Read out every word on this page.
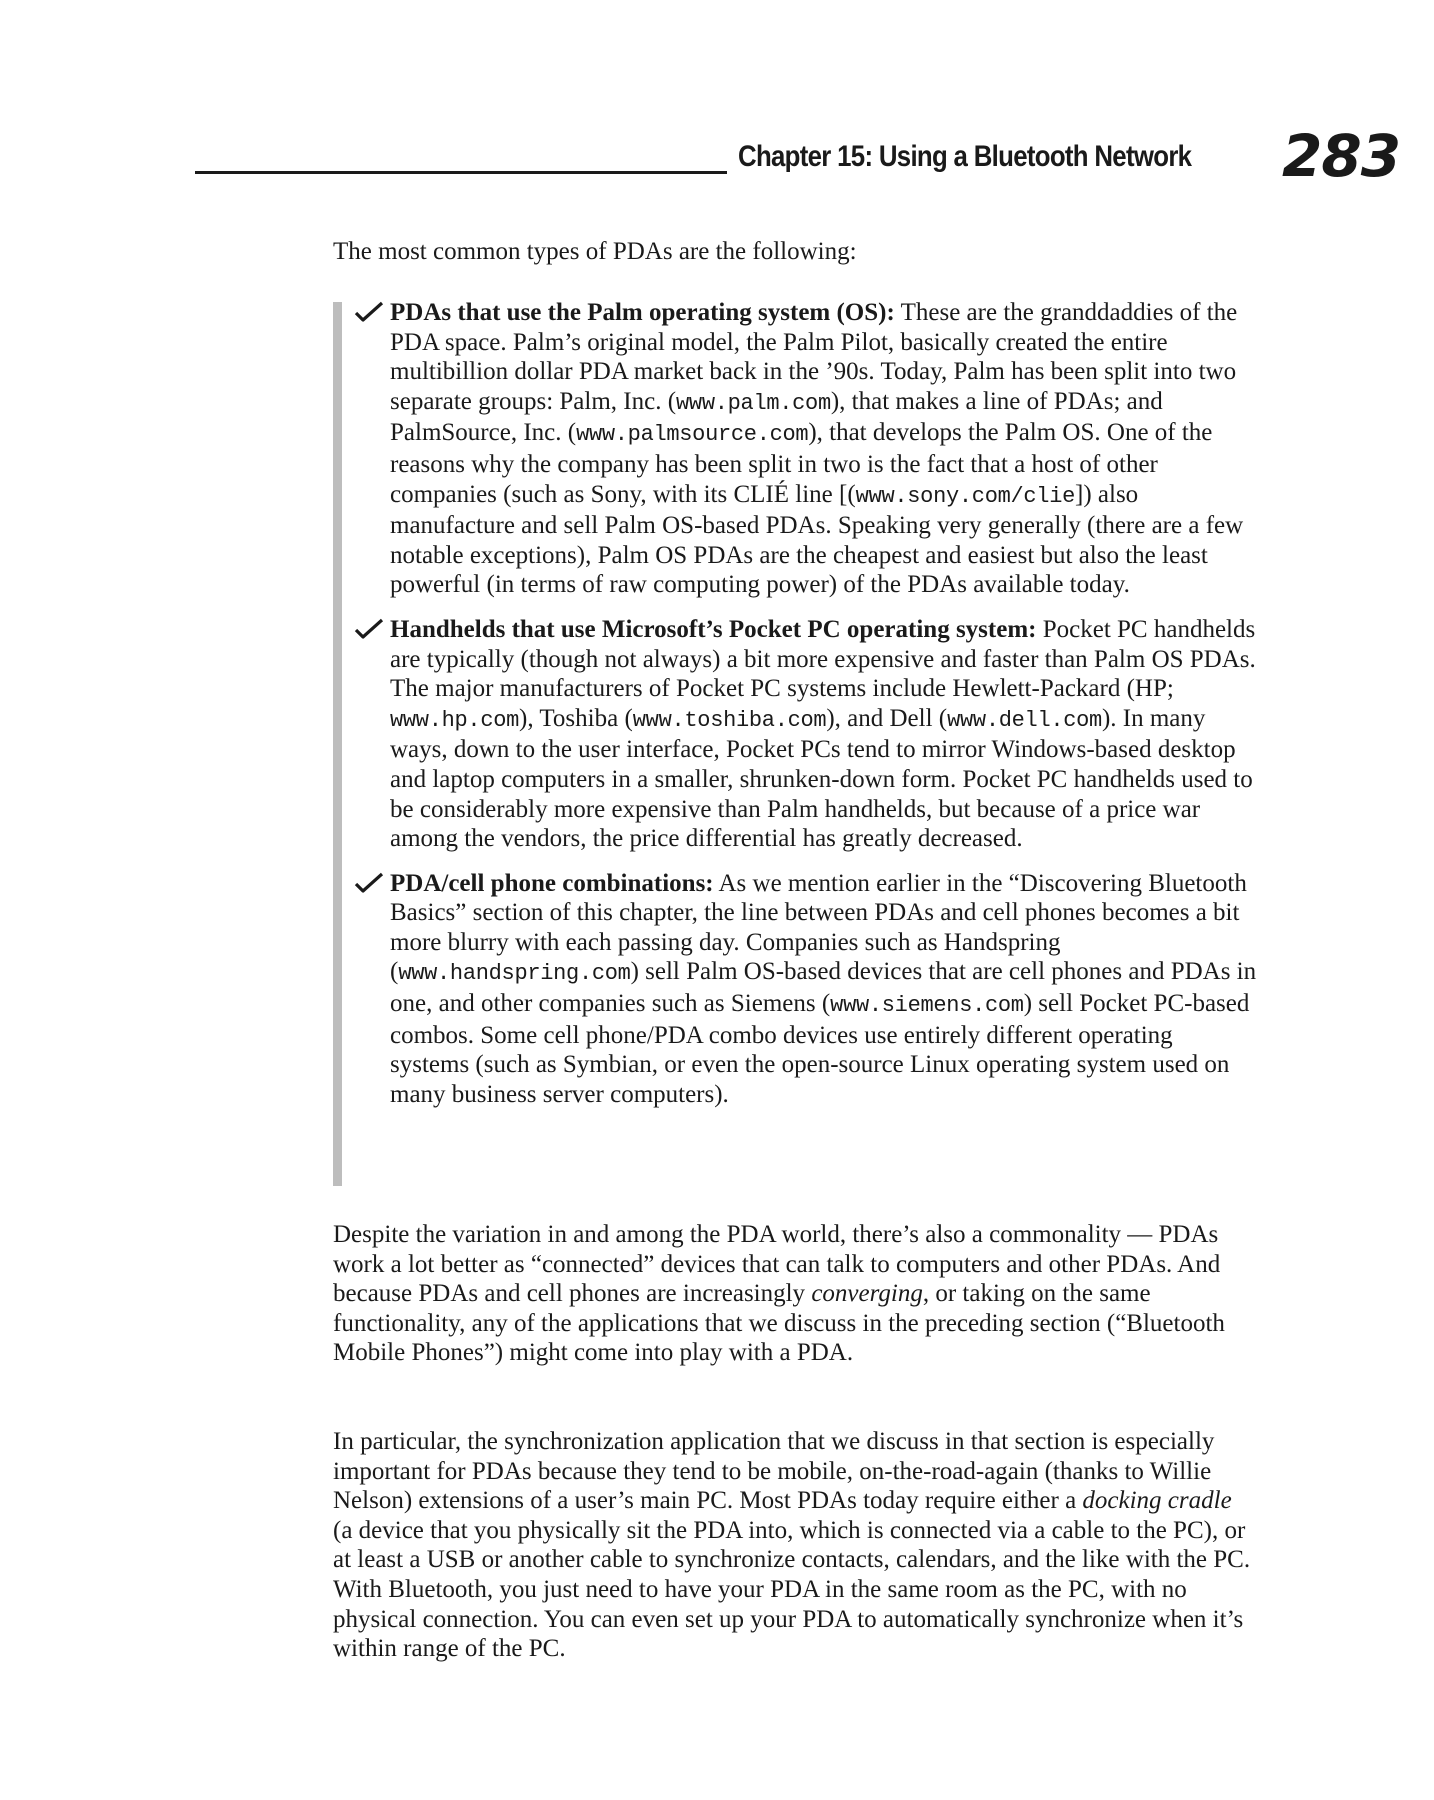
Chapter 15: Using a Bluetooth Network 283

The most common types of PDAs are the following:

PDAs that use the Palm operating system (OS): These are the granddaddies of the PDA space. Palm’s original model, the Palm Pilot, basically created the entire multibillion dollar PDA market back in the ’90s. Today, Palm has been split into two separate groups: Palm, Inc. (www.palm.com), that makes a line of PDAs; and PalmSource, Inc. (www.palmsource.com), that develops the Palm OS. One of the reasons why the company has been split in two is the fact that a host of other companies (such as Sony, with its CLIÉ line [(www.sony.com/clie]) also manufacture and sell Palm OS-based PDAs. Speaking very generally (there are a few notable exceptions), Palm OS PDAs are the cheapest and easiest but also the least powerful (in terms of raw computing power) of the PDAs available today.
Handhelds that use Microsoft’s Pocket PC operating system: Pocket PC handhelds are typically (though not always) a bit more expensive and faster than Palm OS PDAs. The major manufacturers of Pocket PC systems include Hewlett-Packard (HP; www.hp.com), Toshiba (www.toshiba.com), and Dell (www.dell.com). In many ways, down to the user interface, Pocket PCs tend to mirror Windows-based desktop and laptop computers in a smaller, shrunken-down form. Pocket PC handhelds used to be considerably more expensive than Palm handhelds, but because of a price war among the vendors, the price differential has greatly decreased.
PDA/cell phone combinations: As we mention earlier in the “Discovering Bluetooth Basics” section of this chapter, the line between PDAs and cell phones becomes a bit more blurry with each passing day. Companies such as Handspring (www.handspring.com) sell Palm OS-based devices that are cell phones and PDAs in one, and other companies such as Siemens (www.siemens.com) sell Pocket PC-based combos. Some cell phone/PDA combo devices use entirely different operating systems (such as Symbian, or even the open-source Linux operating system used on many business server computers).

Despite the variation in and among the PDA world, there’s also a commonality — PDAs work a lot better as “connected” devices that can talk to computers and other PDAs. And because PDAs and cell phones are increasingly converging, or taking on the same functionality, any of the applications that we discuss in the preceding section (“Bluetooth Mobile Phones”) might come into play with a PDA.

In particular, the synchronization application that we discuss in that section is especially important for PDAs because they tend to be mobile, on-the-road-again (thanks to Willie Nelson) extensions of a user’s main PC. Most PDAs today require either a docking cradle (a device that you physically sit the PDA into, which is connected via a cable to the PC), or at least a USB or another cable to synchronize contacts, calendars, and the like with the PC. With Bluetooth, you just need to have your PDA in the same room as the PC, with no physical connection. You can even set up your PDA to automatically synchronize when it’s within range of the PC.
